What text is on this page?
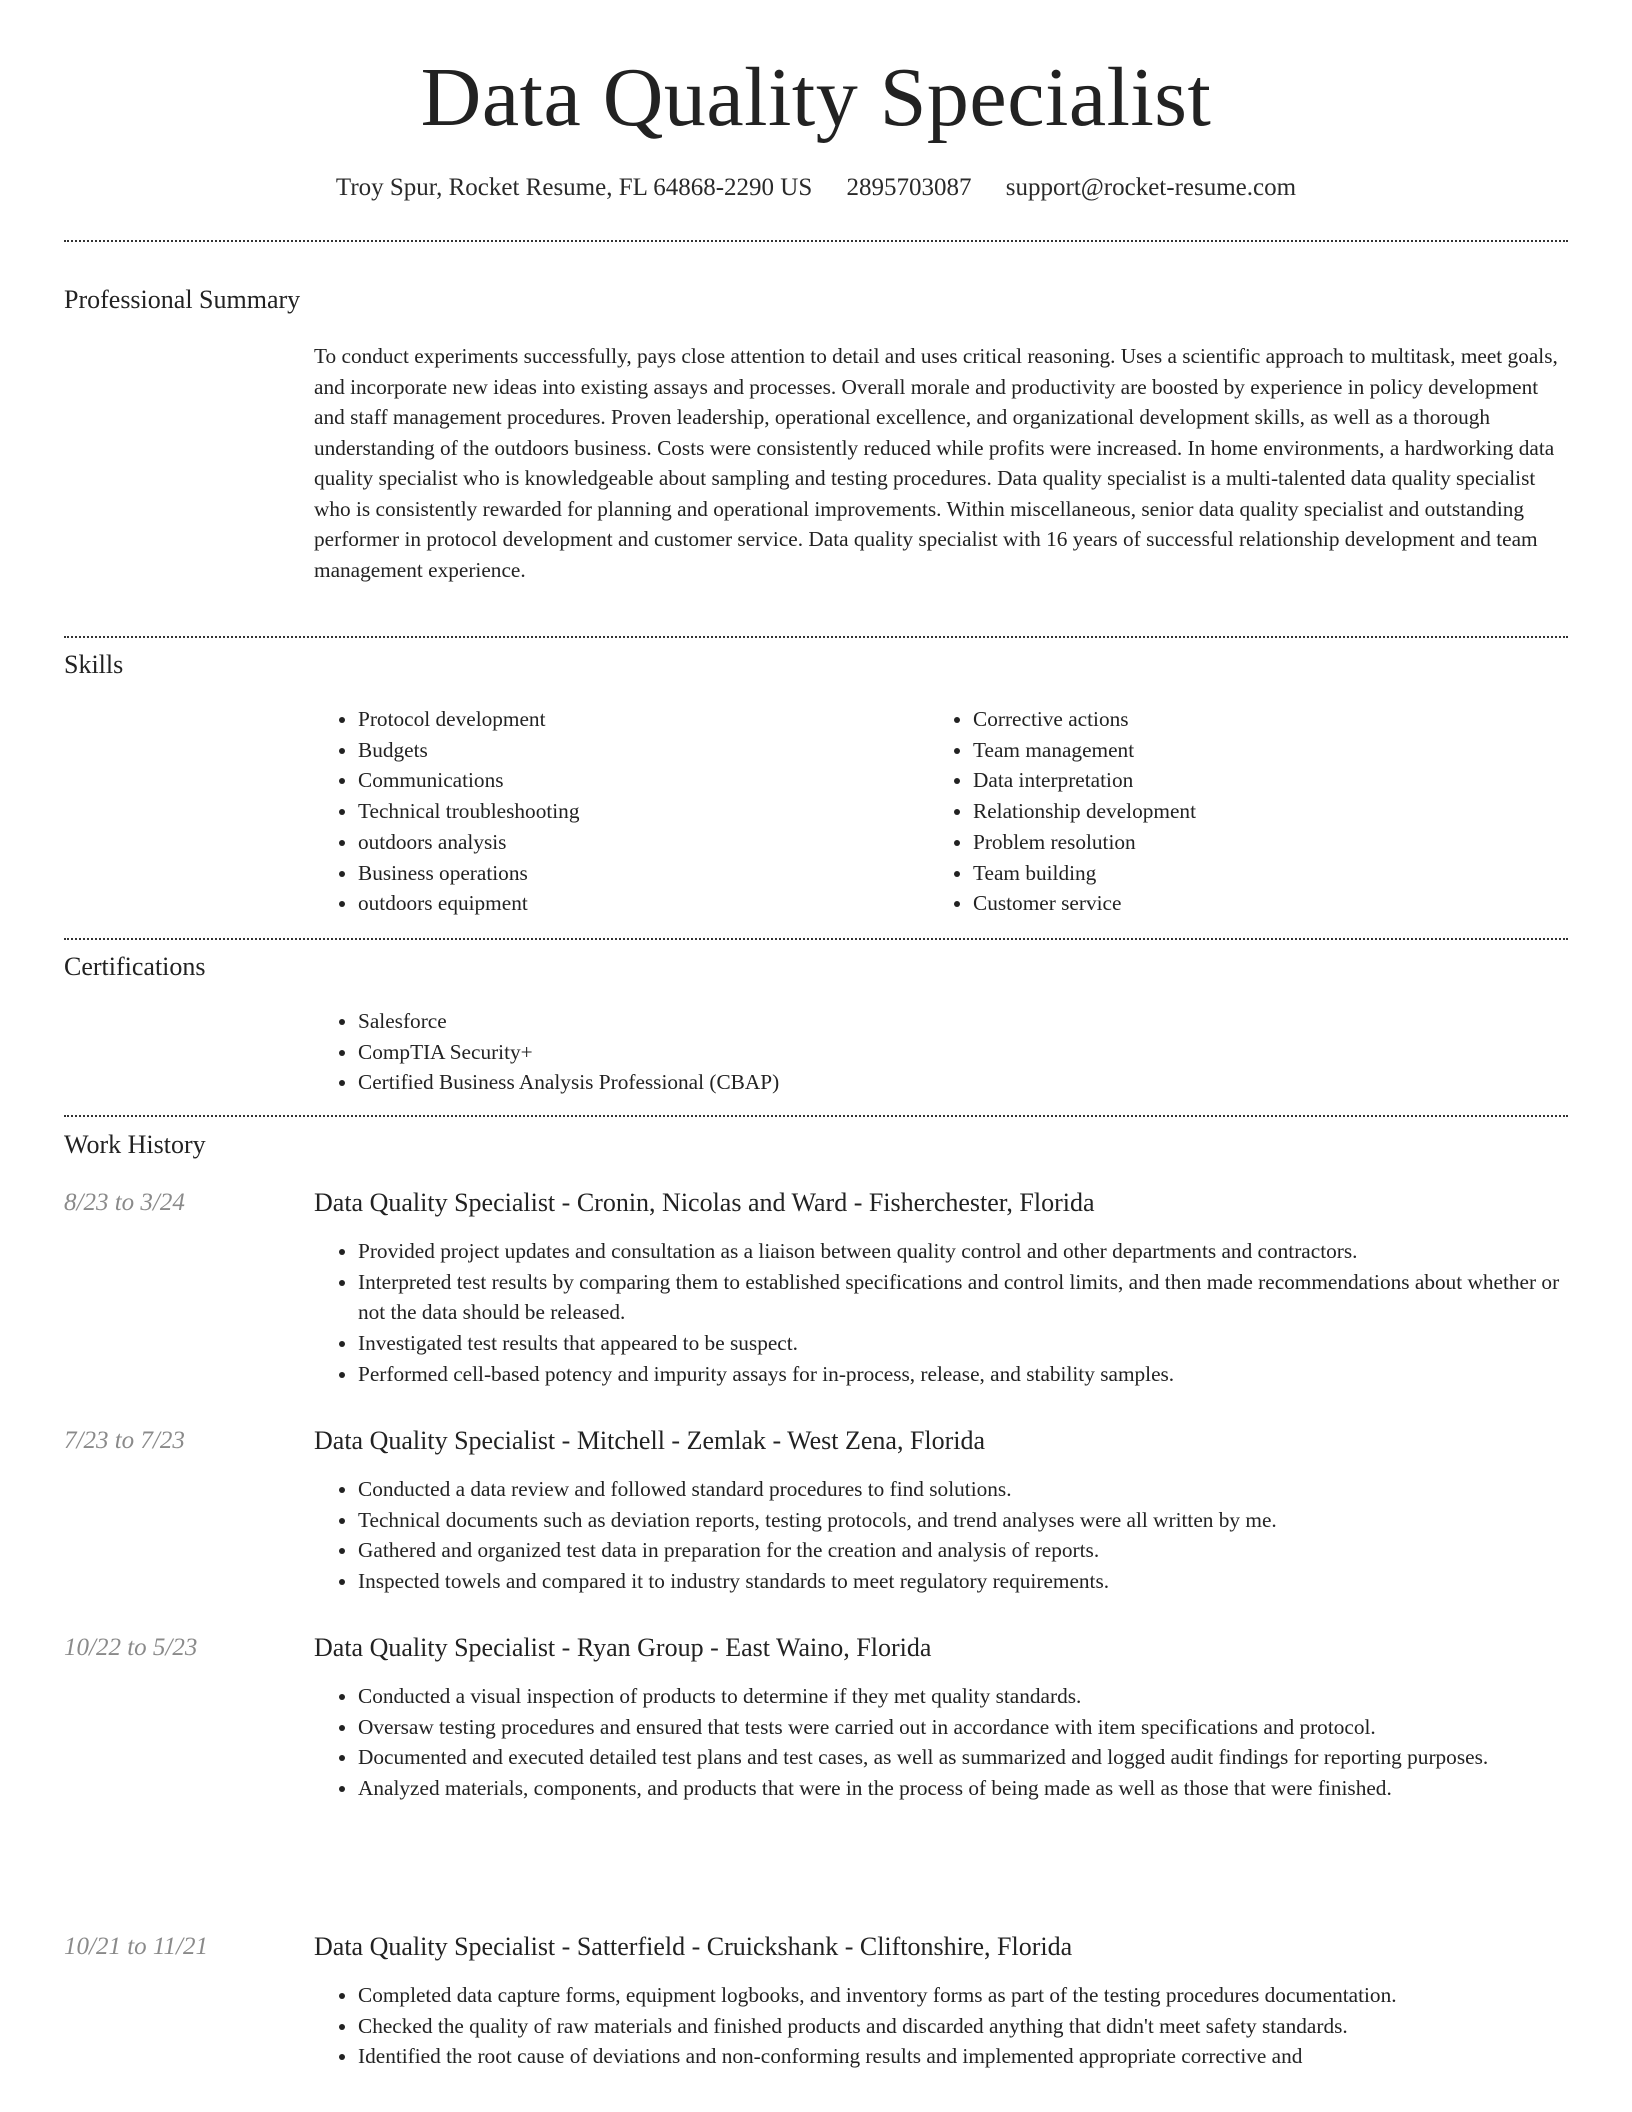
Data Quality Specialist
Troy Spur, Rocket Resume, FL 64868-2290 US 2895703087 support@rocket-resume.com
Professional Summary
To conduct experiments successfully, pays close attention to detail and uses critical reasoning. Uses a scientific approach to multitask, meet goals, and incorporate new ideas into existing assays and processes. Overall morale and productivity are boosted by experience in policy development and staff management procedures. Proven leadership, operational excellence, and organizational development skills, as well as a thorough understanding of the outdoors business. Costs were consistently reduced while profits were increased. In home environments, a hardworking data quality specialist who is knowledgeable about sampling and testing procedures. Data quality specialist is a multi-talented data quality specialist who is consistently rewarded for planning and operational improvements. Within miscellaneous, senior data quality specialist and outstanding performer in protocol development and customer service. Data quality specialist with 16 years of successful relationship development and team management experience.
Skills
• Protocol development
• Budgets
• Communications
• Technical troubleshooting
• outdoors analysis
• Business operations
• outdoors equipment
• Corrective actions
• Team management
• Data interpretation
• Relationship development
• Problem resolution
• Team building
• Customer service
Certifications
• Salesforce
• CompTIA Security+
• Certified Business Analysis Professional (CBAP)
Work History
8/23 to 3/24	Data Quality Specialist - Cronin, Nicolas and Ward - Fisherchester, Florida
• Provided project updates and consultation as a liaison between quality control and other departments and contractors.
• Interpreted test results by comparing them to established specifications and control limits, and then made recommendations about whether or not the data should be released.
• Investigated test results that appeared to be suspect.
• Performed cell-based potency and impurity assays for in-process, release, and stability samples.
7/23 to 7/23	Data Quality Specialist - Mitchell - Zemlak - West Zena, Florida
• Conducted a data review and followed standard procedures to find solutions.
• Technical documents such as deviation reports, testing protocols, and trend analyses were all written by me.
• Gathered and organized test data in preparation for the creation and analysis of reports.
• Inspected towels and compared it to industry standards to meet regulatory requirements.
10/22 to 5/23	Data Quality Specialist - Ryan Group - East Waino, Florida
• Conducted a visual inspection of products to determine if they met quality standards.
• Oversaw testing procedures and ensured that tests were carried out in accordance with item specifications and protocol.
• Documented and executed detailed test plans and test cases, as well as summarized and logged audit findings for reporting purposes.
• Analyzed materials, components, and products that were in the process of being made as well as those that were finished.
10/21 to 11/21	Data Quality Specialist - Satterfield - Cruickshank - Cliftonshire, Florida
• Completed data capture forms, equipment logbooks, and inventory forms as part of the testing procedures documentation.
• Checked the quality of raw materials and finished products and discarded anything that didn't meet safety standards.
• Identified the root cause of deviations and non-conforming results and implemented appropriate corrective and
